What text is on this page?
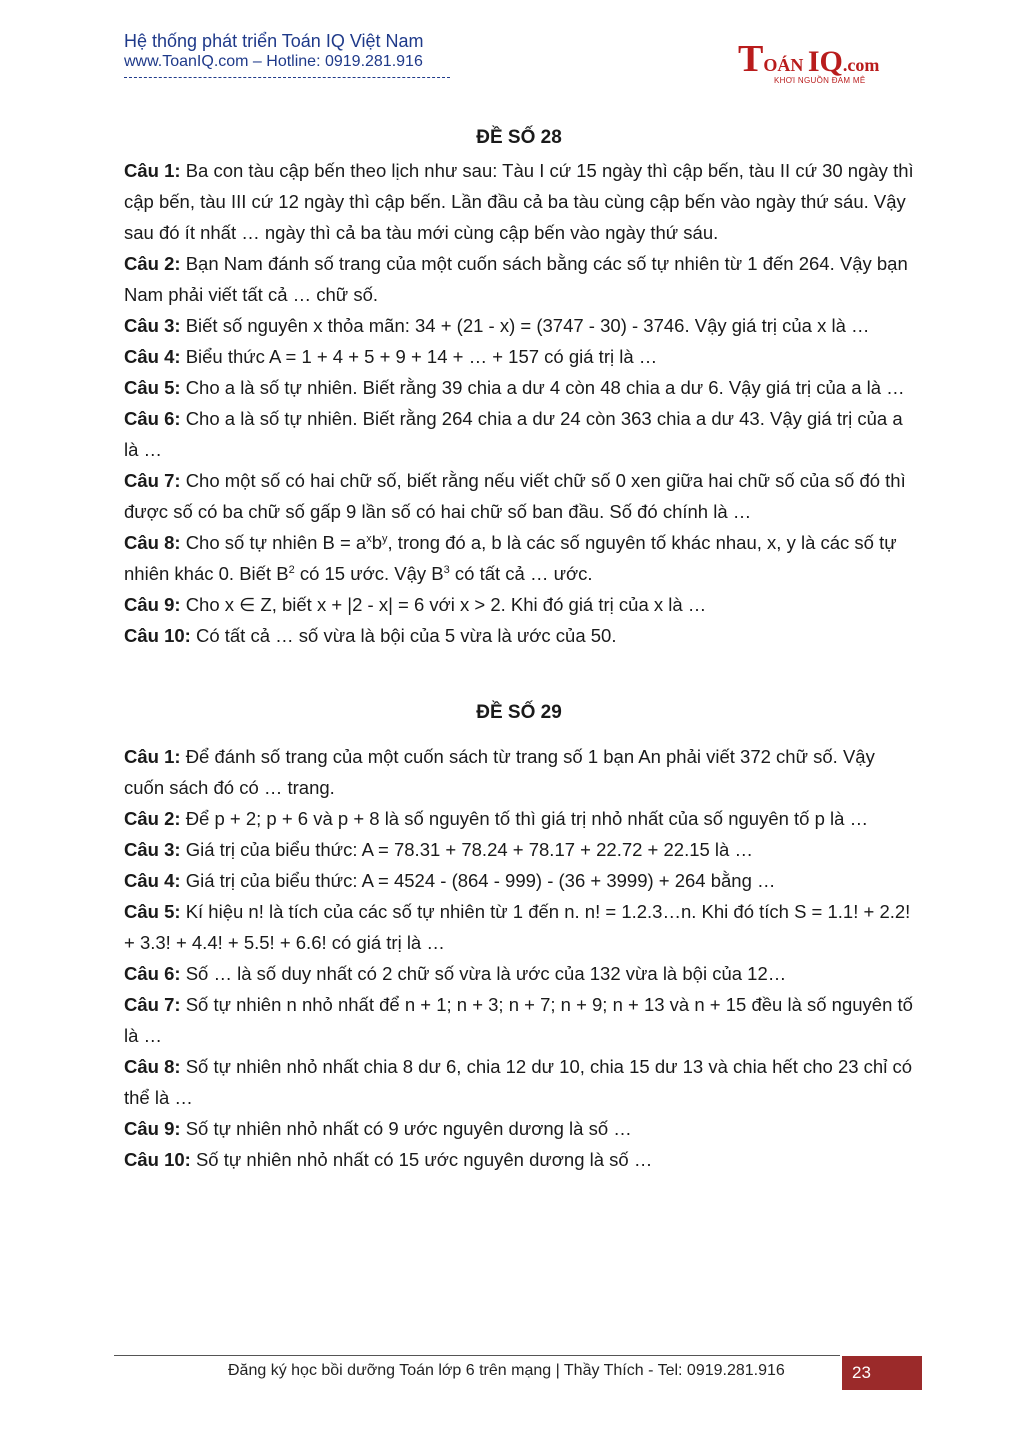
Hệ thống phát triển Toán IQ Việt Nam
www.ToanIQ.com – Hotline: 0919.281.916	TOÁN IQ.com
KHƠI NGUỒN ĐAM MÊ
ĐỀ SỐ 28

Câu 1: Ba con tàu cập bến theo lịch như sau: Tàu I cứ 15 ngày thì cập bến, tàu II cứ 30 ngày thì cập bến, tàu III cứ 12 ngày thì cập bến. Lần đầu cả ba tàu cùng cập bến vào ngày thứ sáu. Vậy sau đó ít nhất … ngày thì cả ba tàu mới cùng cập bến vào ngày thứ sáu.

Câu 2: Bạn Nam đánh số trang của một cuốn sách bằng các số tự nhiên từ 1 đến 264. Vậy bạn Nam phải viết tất cả … chữ số.

Câu 3: Biết số nguyên x thỏa mãn: 34 + (21 - x) = (3747 - 30) - 3746. Vậy giá trị của x là …

Câu 4: Biểu thức A = 1 + 4 + 5 + 9 + 14 + … + 157 có giá trị là …

Câu 5: Cho a là số tự nhiên. Biết rằng 39 chia a dư 4 còn 48 chia a dư 6. Vậy giá trị của a là …

Câu 6: Cho a là số tự nhiên. Biết rằng 264 chia a dư 24 còn 363 chia a dư 43. Vậy giá trị của a là …

Câu 7: Cho một số có hai chữ số, biết rằng nếu viết chữ số 0 xen giữa hai chữ số của số đó thì được số có ba chữ số gấp 9 lần số có hai chữ số ban đầu. Số đó chính là …

Câu 8: Cho số tự nhiên $B = a^xb^y$, trong đó a, b là các số nguyên tố khác nhau, x, y là các số tự nhiên khác 0. Biết $B^2$ có 15 ước. Vậy $B^3$ có tất cả … ước.

Câu 9: Cho x ∈ Z, biết x + |2 - x| = 6 với x > 2. Khi đó giá trị của x là …

Câu 10: Có tất cả … số vừa là bội của 5 vừa là ước của 50.

ĐỀ SỐ 29

Câu 1: Để đánh số trang của một cuốn sách từ trang số 1 bạn An phải viết 372 chữ số. Vậy cuốn sách đó có … trang.

Câu 2: Để p + 2; p + 6 và p + 8 là số nguyên tố thì giá trị nhỏ nhất của số nguyên tố p là …

Câu 3: Giá trị của biểu thức: A = 78.31 + 78.24 + 78.17 + 22.72 + 22.15 là …

Câu 4: Giá trị của biểu thức: A = 4524 - (864 - 999) - (36 + 3999) + 264 bằng …

Câu 5: Kí hiệu n! là tích của các số tự nhiên từ 1 đến n. n! = 1.2.3…n. Khi đó tích S = 1.1! + 2.2! + 3.3! + 4.4! + 5.5! + 6.6! có giá trị là …

Câu 6: Số … là số duy nhất có 2 chữ số vừa là ước của 132 vừa là bội của 12…

Câu 7: Số tự nhiên n nhỏ nhất để n + 1; n + 3; n + 7; n + 9; n + 13 và n + 15 đều là số nguyên tố là …

Câu 8: Số tự nhiên nhỏ nhất chia 8 dư 6, chia 12 dư 10, chia 15 dư 13 và chia hết cho 23 chỉ có thể là …

Câu 9: Số tự nhiên nhỏ nhất có 9 ước nguyên dương là số …

Câu 10: Số tự nhiên nhỏ nhất có 15 ước nguyên dương là số …

Đăng ký học bồi dưỡng Toán lớp 6 trên mạng | Thầy Thích - Tel: 0919.281.916	23
